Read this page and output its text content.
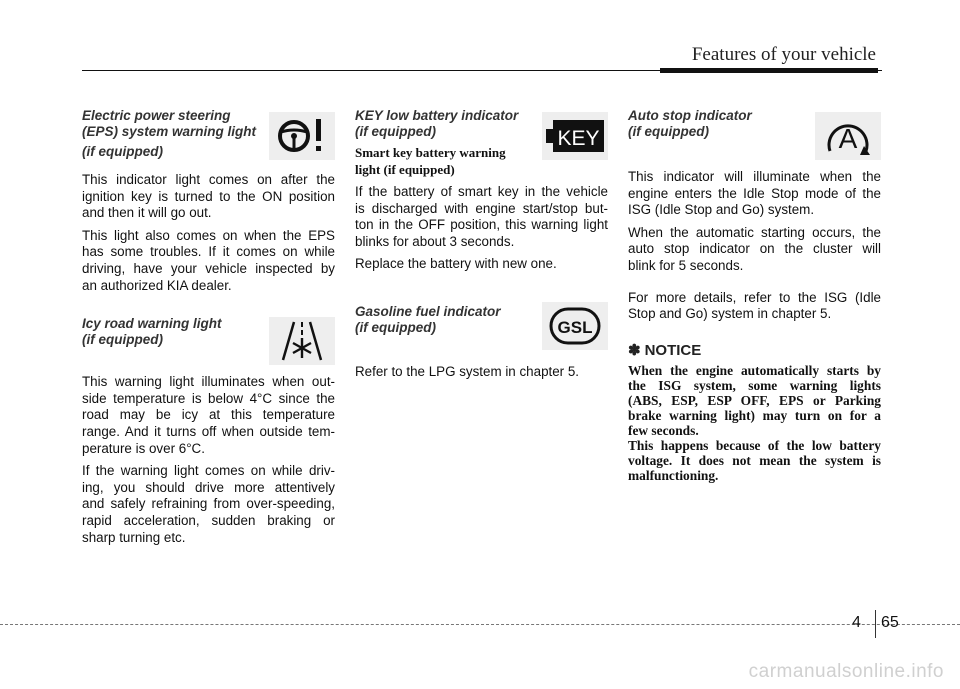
Features of your vehicle
Electric power steering
(EPS) system warning light
(if equipped)

This indicator light comes on after the
ignition key is turned to the ON position
and then it will go out.

This light also comes on when the EPS
has some troubles. If it comes on while
driving, have your vehicle inspected by
an authorized KIA dealer.

Icy road warning light
(if equipped)

This warning light illuminates when out-
side temperature is below 4°C since the
road may be icy at this temperature
range. And it turns off when outside tem-
perature is over 6°C.

If the warning light comes on while driv-
ing, you should drive more attentively
and safely refraining from over-speeding,
rapid acceleration, sudden braking or
sharp turning etc.

KEY
KEY low battery indicator
(if equipped)
Smart key battery warning
light (if equipped)

If the battery of smart key in the vehicle
is discharged with engine start/stop but-
ton in the OFF position, this warning light
blinks for about 3 seconds.

Replace the battery with new one.

GSL
Gasoline fuel indicator
(if equipped)

Refer to the LPG system in chapter 5.

A
Auto stop indicator
(if equipped)

This indicator will illuminate when the
engine enters the Idle Stop mode of the
ISG (Idle Stop and Go) system.

When the automatic starting occurs, the
auto stop indicator on the cluster will
blink for 5 seconds.

For more details, refer to the ISG (Idle
Stop and Go) system in chapter 5.

✽ NOTICE

When the engine automatically starts by
the ISG system, some warning lights
(ABS, ESP, ESP OFF, EPS or Parking
brake warning light) may turn on for a
few seconds.
This happens because of the low battery
voltage. It does not mean the system is
malfunctioning.

4 65
carmanualsonline.info
